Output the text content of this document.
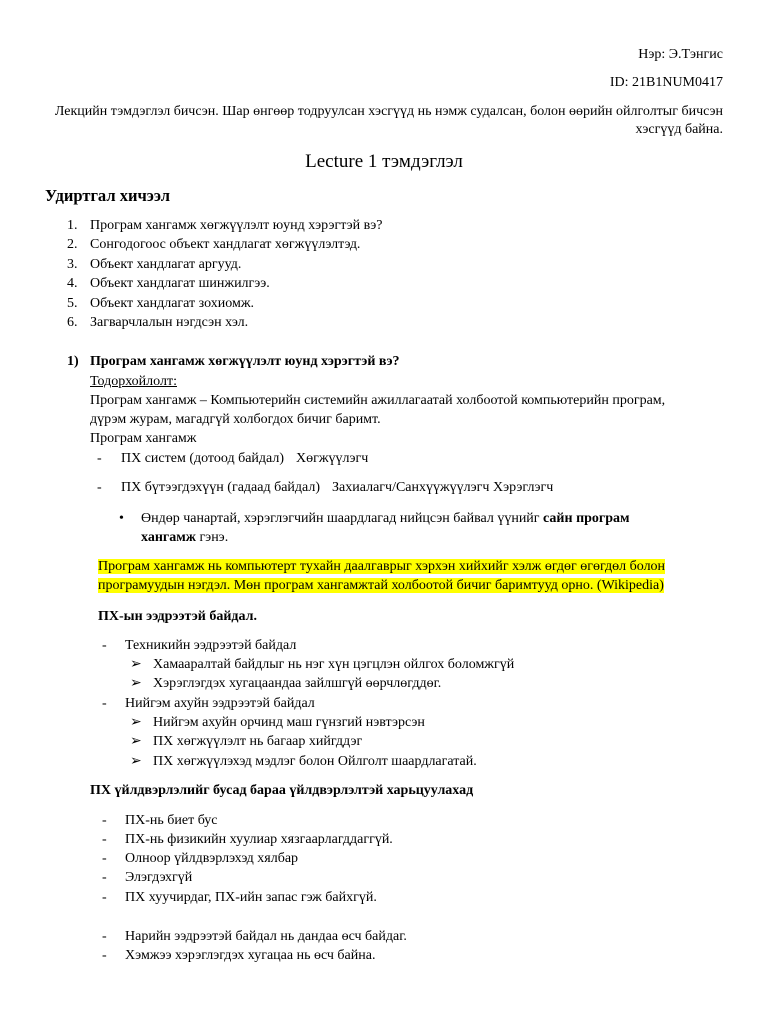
Нэр: Э.Тэнгис
ID: 21B1NUM0417
Лекцийн тэмдэглэл бичсэн. Шар өнгөөр тодруулсан хэсгүүд нь нэмж судалсан, болон өөрийн ойлголтыг бичсэн
хэсгүүд байна.
Lecture 1 тэмдэглэл
Удиртгал хичээл
1. Програм хангамж хөгжүүлэлт юунд хэрэгтэй вэ?
2. Сонгодогоос объект хандлагат хөгжүүлэлтэд.
3. Объект хандлагат аргууд.
4. Объект хандлагат шинжилгээ.
5. Объект хандлагат зохиомж.
6. Загварчлалын нэгдсэн хэл.
1) Програм хангамж хөгжүүлэлт юунд хэрэгтэй вэ?
Тодорхойлолт:
Програм хангамж – Компьютерийн системийн ажиллагаатай холбоотой компьютерийн програм,
дүрэм журам, магадгүй холбогдох бичиг баримт.
Програм хангамж
- ПХ систем (дотоод байдал) Хөгжүүлэгч
- ПХ бүтээгдэхүүн (гадаад байдал) Захиалагч/Санхүүжүүлэгч Хэрэглэгч
• Өндөр чанартай, хэрэглэгчийн шаардлагад нийцсэн байвал үүнийг сайн програм
хангамж гэнэ.
Програм хангамж нь компьютерт тухайн даалгаврыг хэрхэн хийхийг хэлж өгдөг өгөгдөл болон
програмуудын нэгдэл. Мөн програм хангамжтай холбоотой бичиг баримтууд орно. (Wikipedia)
ПХ-ын ээдрээтэй байдал.
- Техникийн ээдрээтэй байдал
➢ Хамааралтай байдлыг нь нэг хүн цэгцлэн ойлгох боломжгүй
➢ Хэрэглэгдэх хугацаандаа зайлшгүй өөрчлөгддөг.
- Нийгэм ахуйн ээдрээтэй байдал
➢ Нийгэм ахуйн орчинд маш гүнзгий нэвтэрсэн
➢ ПХ хөгжүүлэлт нь багаар хийгддэг
➢ ПХ хөгжүүлэхэд мэдлэг болон Ойлголт шаардлагатай.
ПХ үйлдвэрлэлийг бусад бараа үйлдвэрлэлтэй харьцуулахад
- ПХ-нь биет бус
- ПХ-нь физикийн хуулиар хязгаарлагддаггүй.
- Олноор үйлдвэрлэхэд хялбар
- Элэгдэхгүй
- ПХ хуучирдаг, ПХ-ийн запас гэж байхгүй.
- Нарийн ээдрээтэй байдал нь дандаа өсч байдаг.
- Хэмжээ хэрэглэгдэх хугацаа нь өсч байна.
